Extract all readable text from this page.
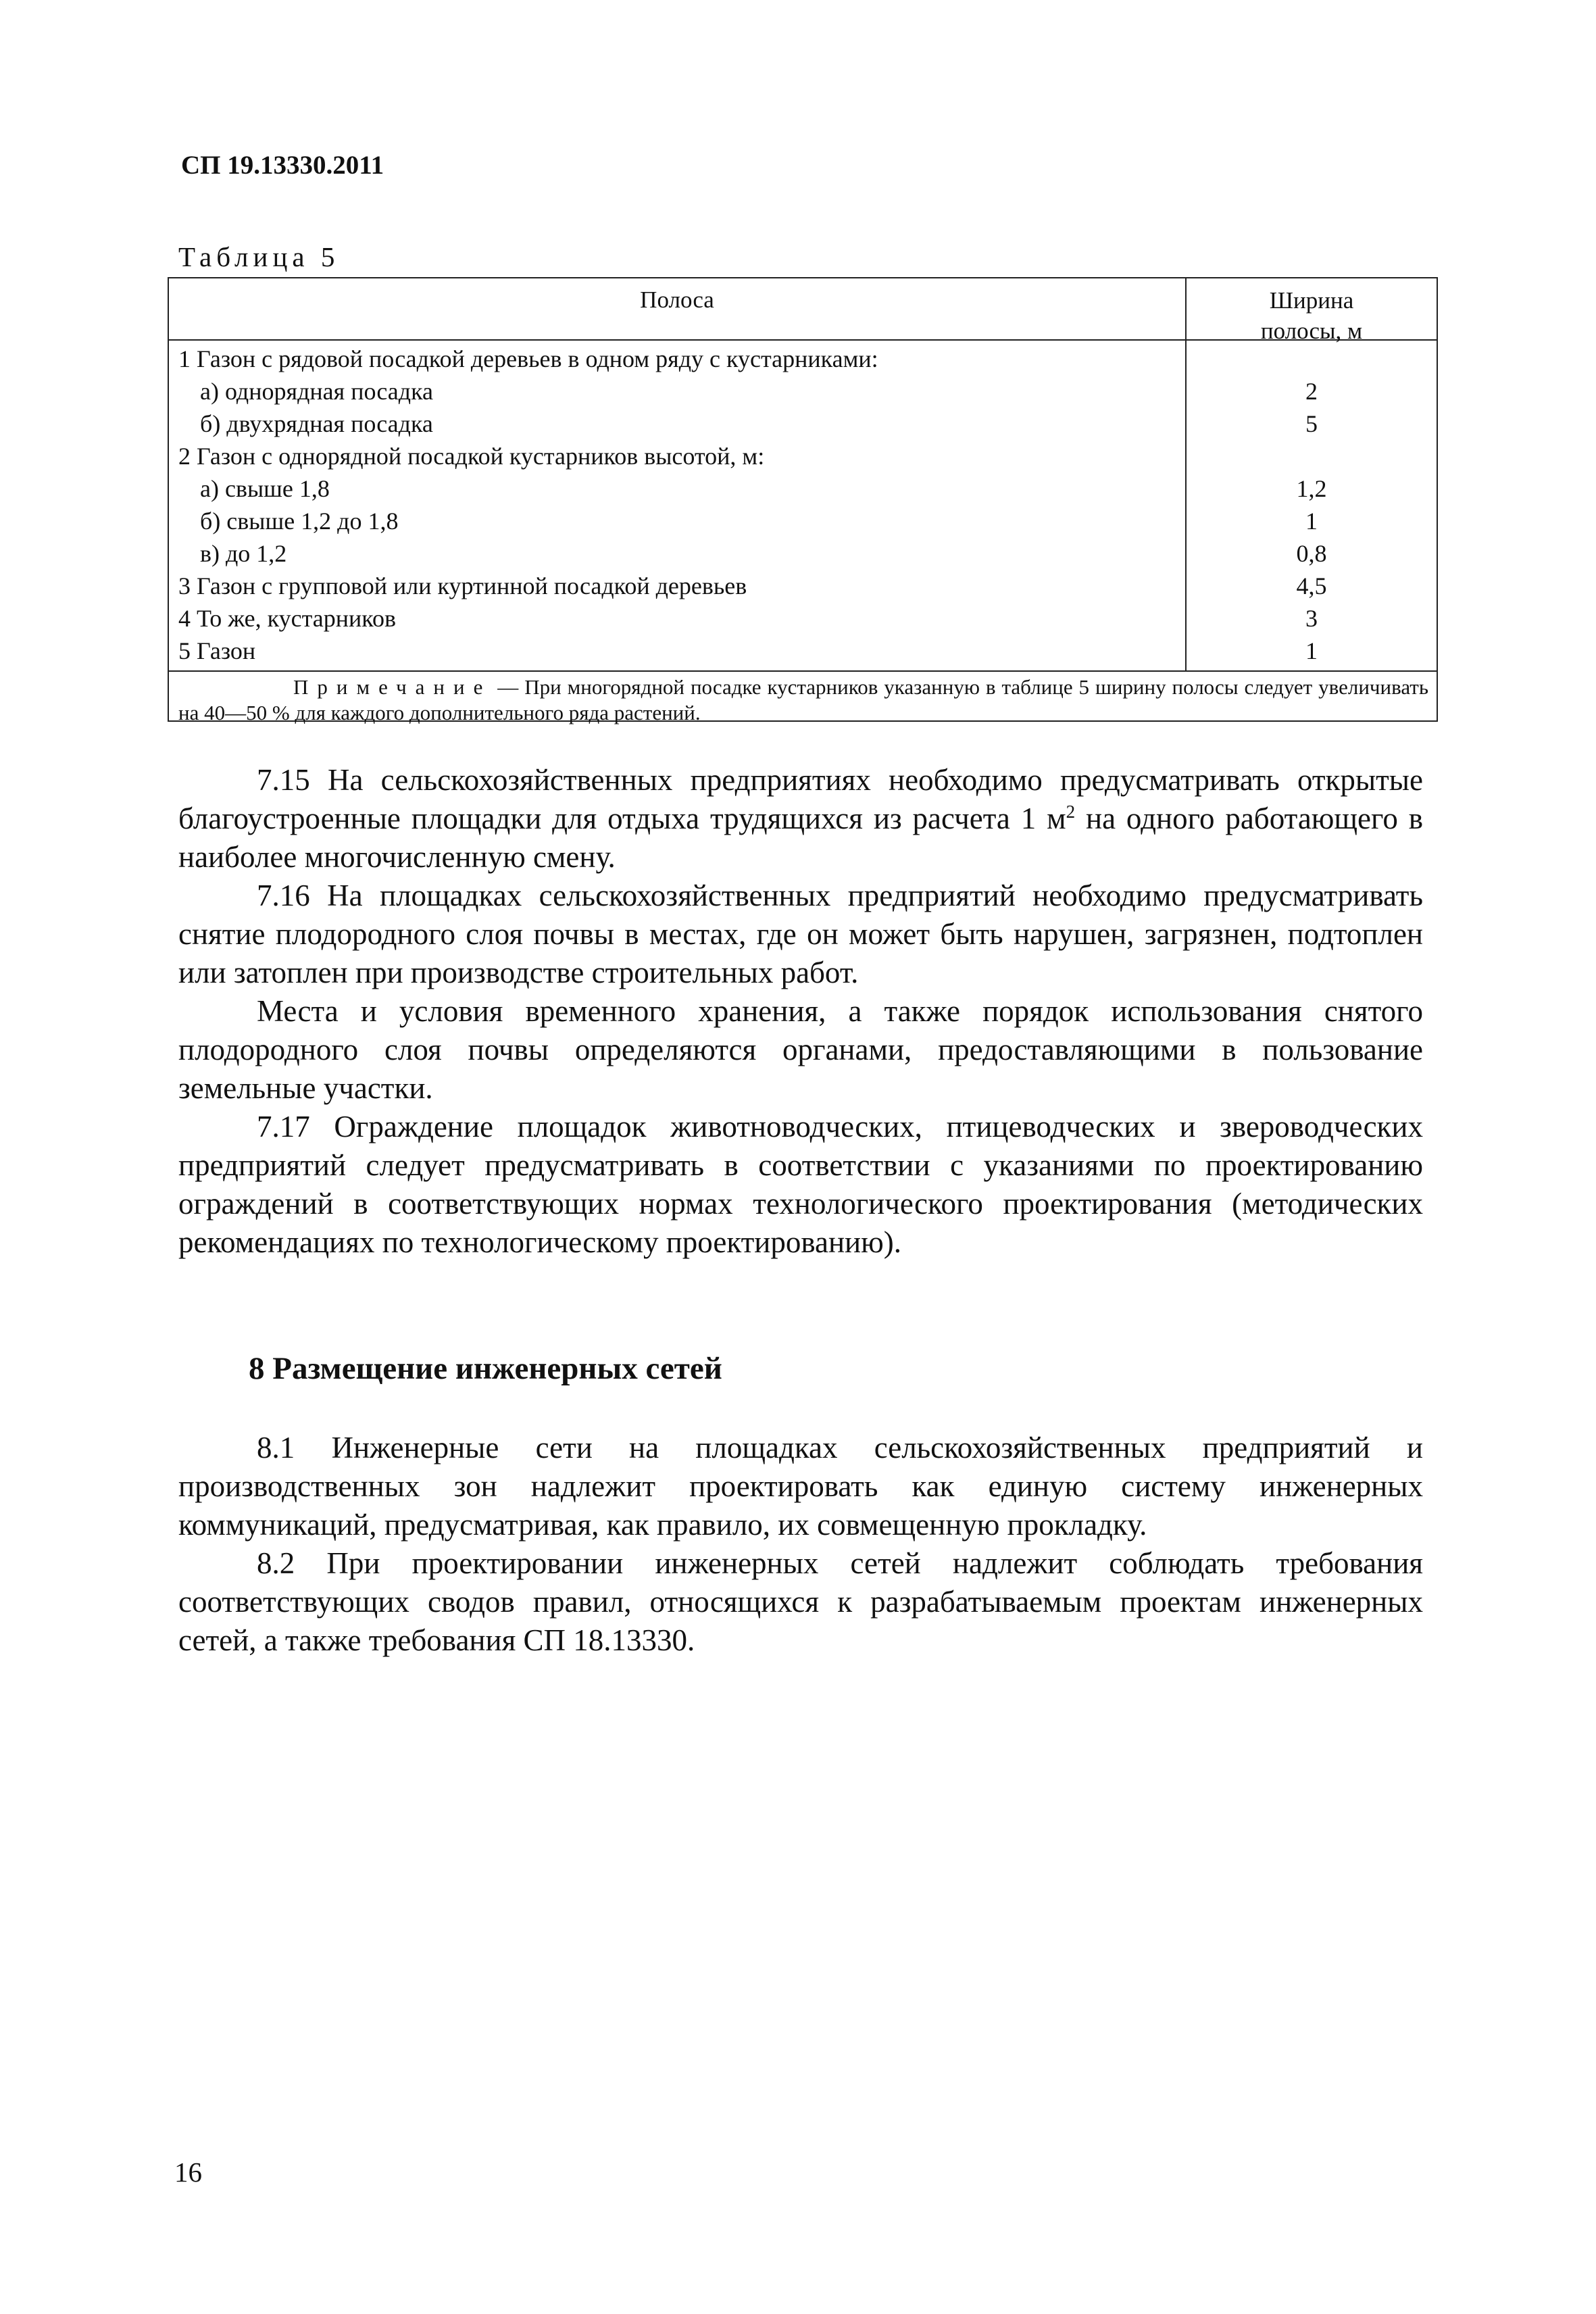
СП 19.13330.2011
Таблица 5
Полоса	Ширина
полосы, м
1 Газон с рядовой посадкой деревьев в одном ряду с кустарниками:
а) однорядная посадка	2
б) двухрядная посадка	5
2 Газон с однорядной посадкой кустарников высотой, м:
а) свыше 1,8	1,2
б) свыше 1,2 до 1,8	1
в) до 1,2	0,8
3 Газон с групповой или куртинной посадкой деревьев	4,5
4 То же, кустарников	3
5 Газон	1
Примечание — При многорядной посадке кустарников указанную в таблице 5 ширину полосы следует увеличивать на 40—50 % для каждого дополнительного ряда растений.

7.15 На сельскохозяйственных предприятиях необходимо предусматривать открытые благоустроенные площадки для отдыха трудящихся из расчета 1 $м^2$ на одного работающего в наиболее многочисленную смену.

7.16 На площадках сельскохозяйственных предприятий необходимо предусматривать снятие плодородного слоя почвы в местах, где он может быть нарушен, загрязнен, подтоплен или затоплен при производстве строительных работ.

Места и условия временного хранения, а также порядок использования снятого плодородного слоя почвы определяются органами, предоставляющими в пользование земельные участки.

7.17 Ограждение площадок животноводческих, птицеводческих и звероводческих предприятий следует предусматривать в соответствии с указаниями по проектированию ограждений в соответствующих нормах технологического проектирования (методических рекомендациях по технологическому проектированию).

8 Размещение инженерных сетей

8.1 Инженерные сети на площадках сельскохозяйственных предприятий и производственных зон надлежит проектировать как единую систему инженерных коммуникаций, предусматривая, как правило, их совмещенную прокладку.

8.2 При проектировании инженерных сетей надлежит соблюдать требования соответствующих сводов правил, относящихся к разрабатываемым проектам инженерных сетей, а также требования СП 18.13330.

16
